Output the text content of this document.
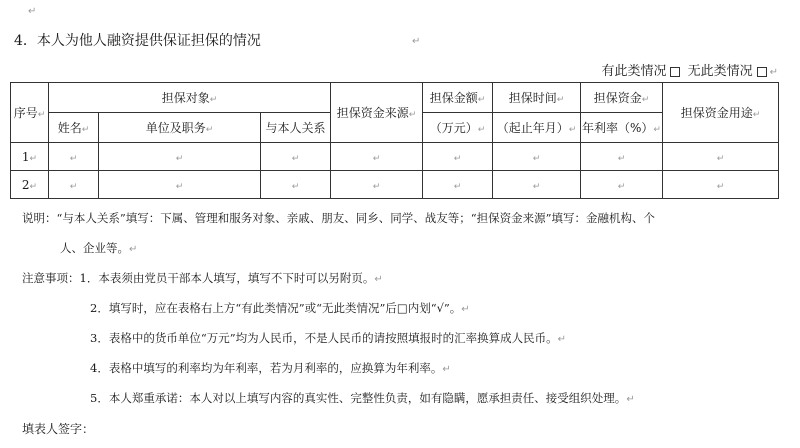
↵
4．本人为他人融资提供保证担保的情况	↵
有此类情况 无此类情况 ↵
序号↵	担保对象↵			担保资金来源↵	担保金额↵	担保时间↵	担保资金↵	担保资金用途↵
	姓名↵	单位及职务↵	与本人关系		（万元）↵	（起止年月）↵	年利率（%）↵	
1↵	↵	↵	↵	↵	↵	↵	↵	↵
2↵	↵	↵	↵	↵	↵	↵	↵	↵
说明：“与本人关系”填写：下属、管理和服务对象、亲戚、朋友、同乡、同学、战友等；“担保资金来源”填写：金融机构、个
人、企业等。↵
注意事项：1．本表须由党员干部本人填写，填写不下时可以另附页。↵
2．填写时，应在表格右上方“有此类情况”或“无此类情况”后□内划“√”。↵
3．表格中的货币单位“万元”均为人民币，不是人民币的请按照填报时的汇率换算成人民币。↵
4．表格中填写的利率均为年利率，若为月利率的，应换算为年利率。↵
5．本人郑重承诺：本人对以上填写内容的真实性、完整性负责，如有隐瞒，愿承担责任、接受组织处理。↵
填表人签字：
